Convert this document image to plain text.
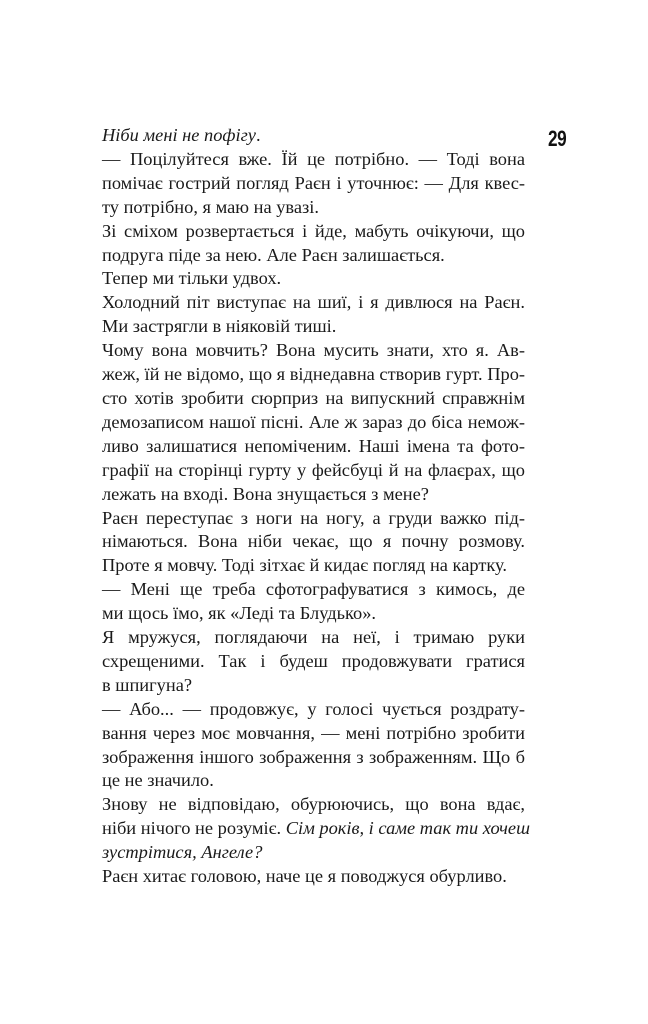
29
Ніби мені не пофігу.
— Поцілуйтеся вже. Їй це потрібно. — Тоді вона
помічає гострий погляд Раєн і уточнює: — Для квес-
ту потрібно, я маю на увазі.
Зі сміхом розвертається і йде, мабуть очікуючи, що
подруга піде за нею. Але Раєн залишається.
Тепер ми тільки удвох.
Холодний піт виступає на шиї, і я дивлюся на Раєн.
Ми застрягли в ніяковій тиші.
Чому вона мовчить? Вона мусить знати, хто я. Ав-
жеж, їй не відомо, що я віднедавна створив гурт. Про-
сто хотів зробити сюрприз на випускний справжнім
демозаписом нашої пісні. Але ж зараз до біса немож-
ливо залишатися непоміченим. Наші імена та фото-
графії на сторінці гурту у фейсбуці й на флаєрах, що
лежать на вході. Вона знущається з мене?
Раєн переступає з ноги на ногу, а груди важко під-
німаються. Вона ніби чекає, що я почну розмову.
Проте я мовчу. Тоді зітхає й кидає погляд на картку.
— Мені ще треба сфотографуватися з кимось, де
ми щось їмо, як «Леді та Блудько».
Я мружуся, поглядаючи на неї, і тримаю руки
схрещеними. Так і будеш продовжувати гратися
в шпигуна?
— Або... — продовжує, у голосі чується роздрату-
вання через моє мовчання, — мені потрібно зробити
зображення іншого зображення з зображенням. Що б
це не значило.
Знову не відповідаю, обурюючись, що вона вдає,
ніби нічого не розуміє. Сім років, і саме так ти хочеш
зустрітися, Ангеле?
Раєн хитає головою, наче це я поводжуся обурливо.
